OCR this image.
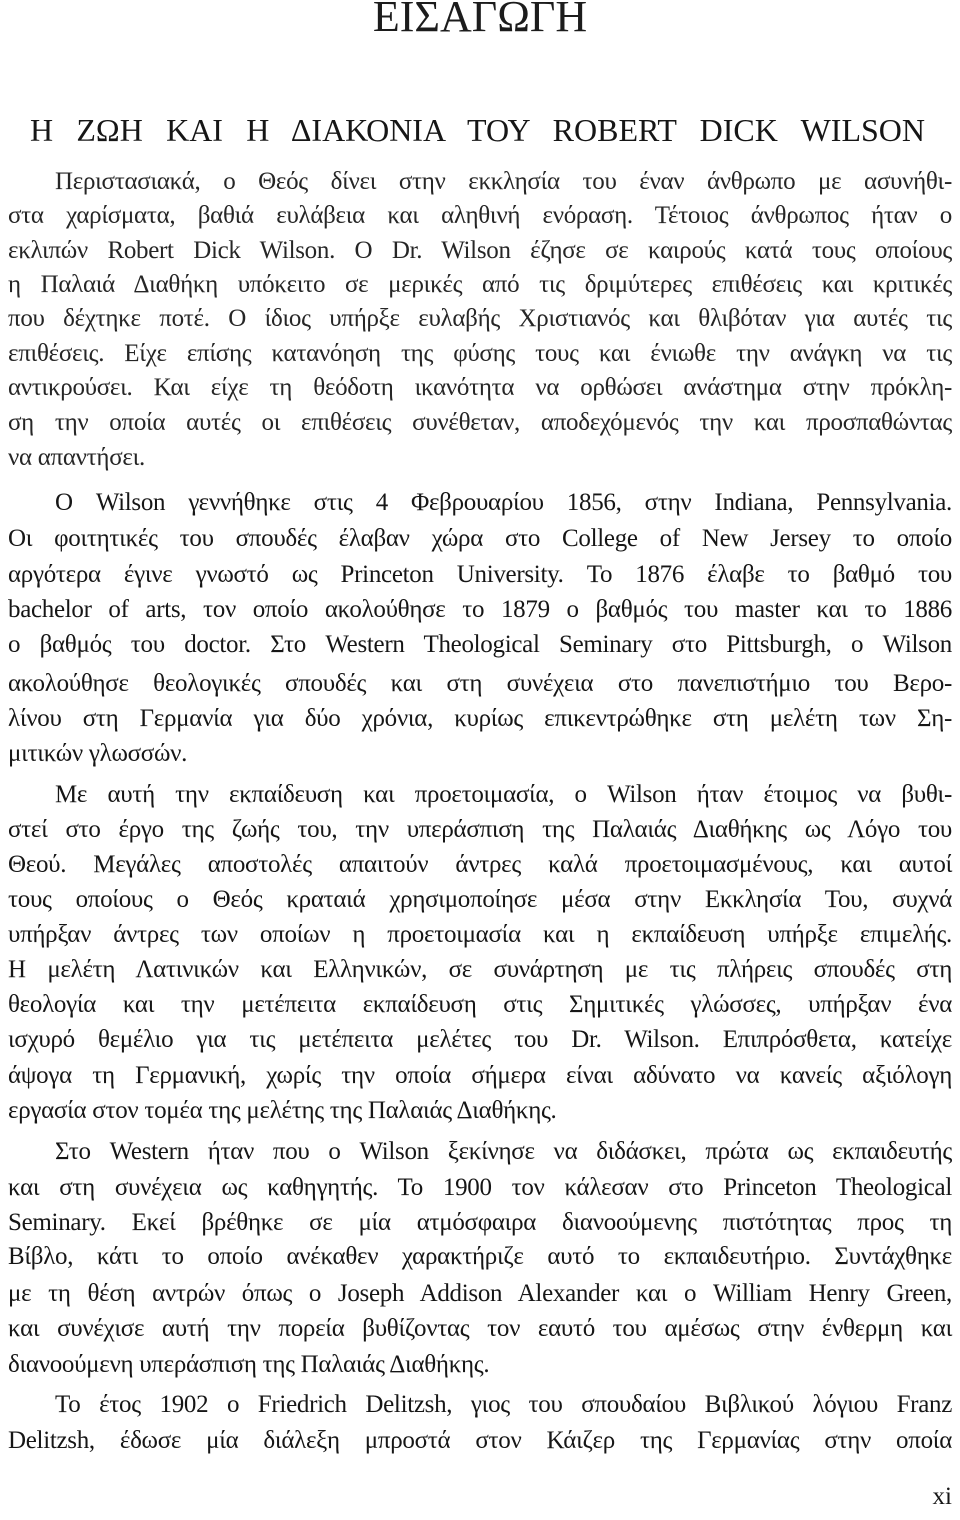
ΕΙΣΑΓΩΓΗ
Η ΖΩΗ ΚΑΙ Η ΔΙΑΚΟΝΙΑ ΤΟΥ ROBERT DICK WILSON
Περιστασιακά, ο Θεός δίνει στην εκκλησία του έναν άνθρωπο με ασυνήθι-
στα χαρίσματα, βαθιά ευλάβεια και αληθινή ενόραση. Τέτοιος άνθρωπος ήταν ο
εκλιπών Robert Dick Wilson. Ο Dr. Wilson έζησε σε καιρούς κατά τους οποίους
η Παλαιά Διαθήκη υπόκειτο σε μερικές από τις δριμύτερες επιθέσεις και κριτικές
που δέχτηκε ποτέ. Ο ίδιος υπήρξε ευλαβής Χριστιανός και θλιβόταν για αυτές τις
επιθέσεις. Είχε επίσης κατανόηση της φύσης τους και ένιωθε την ανάγκη να τις
αντικρούσει. Και είχε τη θεόδοτη ικανότητα να ορθώσει ανάστημα στην πρόκλη-
ση την οποία αυτές οι επιθέσεις συνέθεταν, αποδεχόμενός την και προσπαθώντας
να απαντήσει.
Ο Wilson γεννήθηκε στις 4 Φεβρουαρίου 1856, στην Indiana, Pennsylvania.
Οι φοιτητικές του σπουδές έλαβαν χώρα στο College of New Jersey το οποίο
αργότερα έγινε γνωστό ως Princeton University. Το 1876 έλαβε το βαθμό του
bachelor of arts, τον οποίο ακολούθησε το 1879 ο βαθμός του master και το 1886
ο βαθμός του doctor. Στο Western Theological Seminary στο Pittsburgh, ο Wilson
ακολούθησε θεολογικές σπουδές και στη συνέχεια στο πανεπιστήμιο του Βερο-
λίνου στη Γερμανία για δύο χρόνια, κυρίως επικεντρώθηκε στη μελέτη των Ση-
μιτικών γλωσσών.
Με αυτή την εκπαίδευση και προετοιμασία, ο Wilson ήταν έτοιμος να βυθι-
στεί στο έργο της ζωής του, την υπεράσπιση της Παλαιάς Διαθήκης ως Λόγο του
Θεού. Μεγάλες αποστολές απαιτούν άντρες καλά προετοιμασμένους, και αυτοί
τους οποίους ο Θεός κραταιά χρησιμοποίησε μέσα στην Εκκλησία Του, συχνά
υπήρξαν άντρες των οποίων η προετοιμασία και η εκπαίδευση υπήρξε επιμελής.
Η μελέτη Λατινικών και Ελληνικών, σε συνάρτηση με τις πλήρεις σπουδές στη
θεολογία και την μετέπειτα εκπαίδευση στις Σημιτικές γλώσσες, υπήρξαν ένα
ισχυρό θεμέλιο για τις μετέπειτα μελέτες του Dr. Wilson. Επιπρόσθετα, κατείχε
άψογα τη Γερμανική, χωρίς την οποία σήμερα είναι αδύνατο να κανείς αξιόλογη
εργασία στον τομέα της μελέτης της Παλαιάς Διαθήκης.
Στο Western ήταν που ο Wilson ξεκίνησε να διδάσκει, πρώτα ως εκπαιδευτής
και στη συνέχεια ως καθηγητής. Το 1900 τον κάλεσαν στο Princeton Theological
Seminary. Εκεί βρέθηκε σε μία ατμόσφαιρα διανοούμενης πιστότητας προς τη
Βίβλο, κάτι το οποίο ανέκαθεν χαρακτήριζε αυτό το εκπαιδευτήριο. Συντάχθηκε
με τη θέση αντρών όπως ο Joseph Addison Alexander και ο William Henry Green,
και συνέχισε αυτή την πορεία βυθίζοντας τον εαυτό του αμέσως στην ένθερμη και
διανοούμενη υπεράσπιση της Παλαιάς Διαθήκης.
Το έτος 1902 ο Friedrich Delitzsh, γιος του σπουδαίου Βιβλικού λόγιου Franz
Delitzsh, έδωσε μία διάλεξη μπροστά στον Κάιζερ της Γερμανίας στην οποία
xi
